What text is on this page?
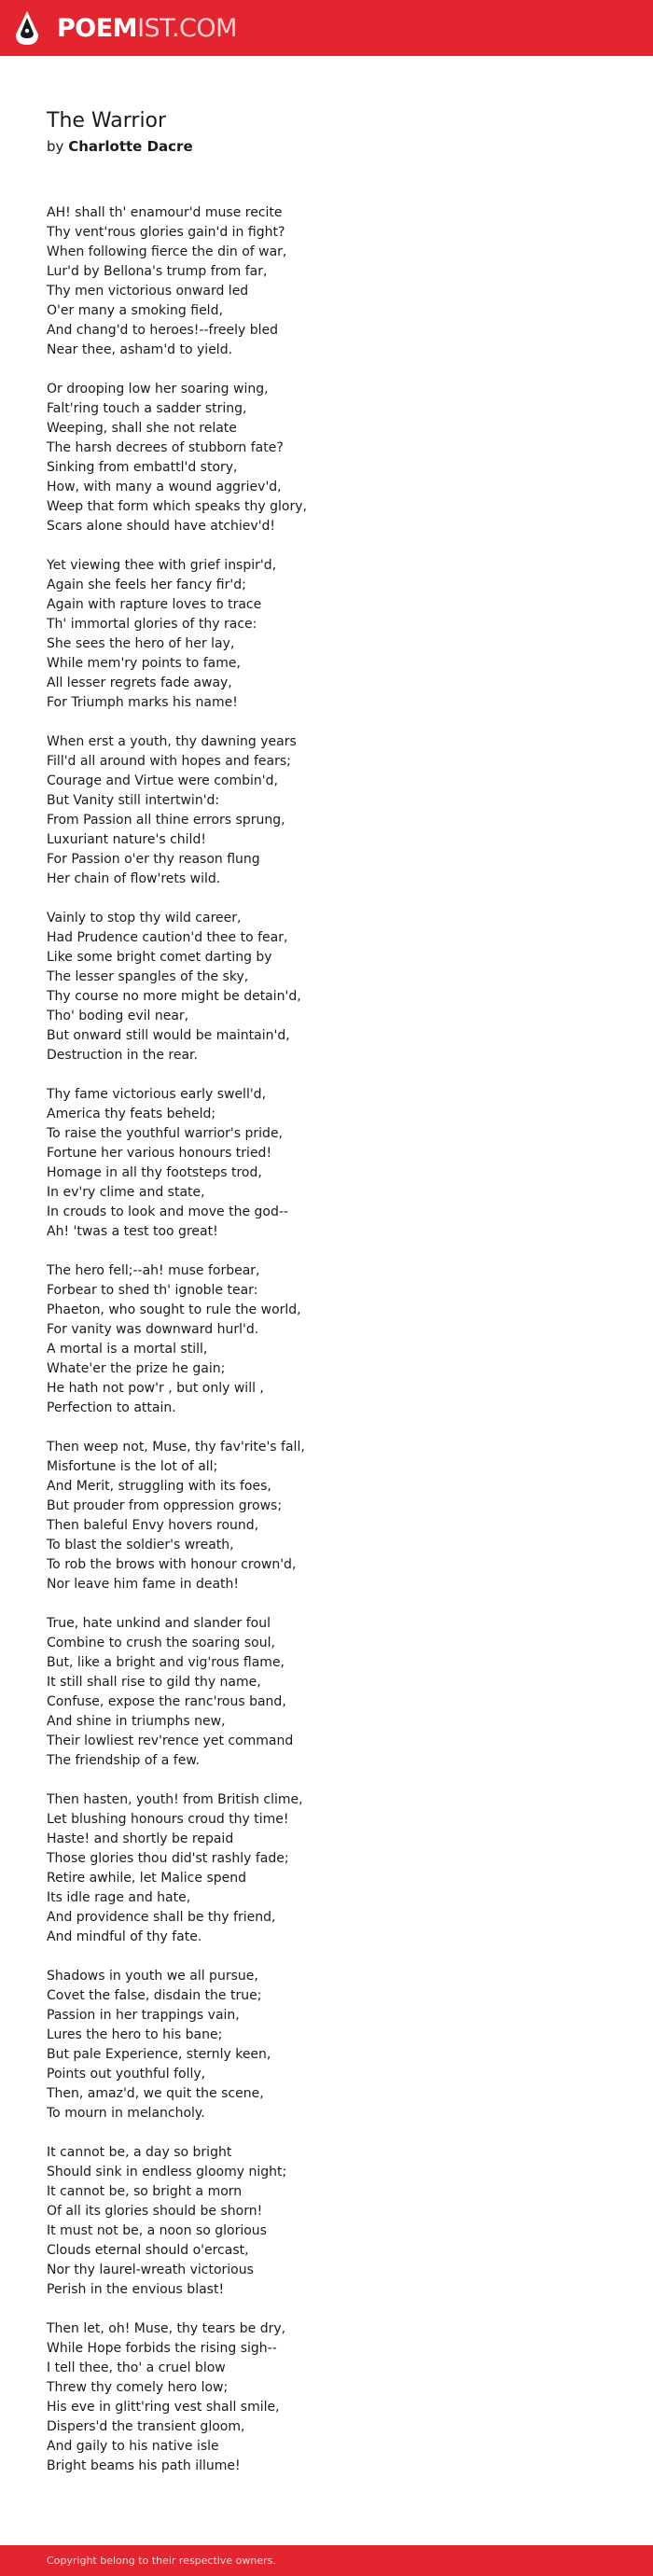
POEM IST.COM
The Warrior
by Charlotte Dacre
AH! shall th' enamour'd muse recite
Thy vent'rous glories gain'd in fight?
When following fierce the din of war,
Lur'd by Bellona's trump from far,
Thy men victorious onward led
O'er many a smoking field,
And chang'd to heroes!--freely bled
Near thee, asham'd to yield.
Or drooping low her soaring wing,
Falt'ring touch a sadder string,
Weeping, shall she not relate
The harsh decrees of stubborn fate?
Sinking from embattl'd story,
How, with many a wound aggriev'd,
Weep that form which speaks thy glory,
Scars alone should have atchiev'd!
Yet viewing thee with grief inspir'd,
Again she feels her fancy fir'd;
Again with rapture loves to trace
Th' immortal glories of thy race:
She sees the hero of her lay,
While mem'ry points to fame,
All lesser regrets fade away,
For Triumph marks his name!
When erst a youth, thy dawning years
Fill'd all around with hopes and fears;
Courage and Virtue were combin'd,
But Vanity still intertwin'd:
From Passion all thine errors sprung,
Luxuriant nature's child!
For Passion o'er thy reason flung
Her chain of flow'rets wild.
Vainly to stop thy wild career,
Had Prudence caution'd thee to fear,
Like some bright comet darting by
The lesser spangles of the sky,
Thy course no more might be detain'd,
Tho' boding evil near,
But onward still would be maintain'd,
Destruction in the rear.
Thy fame victorious early swell'd,
America thy feats beheld;
To raise the youthful warrior's pride,
Fortune her various honours tried!
Homage in all thy footsteps trod,
In ev'ry clime and state,
In crouds to look and move the god--
Ah! 'twas a test too great!
The hero fell;--ah! muse forbear,
Forbear to shed th' ignoble tear:
Phaeton, who sought to rule the world,
For vanity was downward hurl'd.
A mortal is a mortal still,
Whate'er the prize he gain;
He hath not pow'r , but only will ,
Perfection to attain.
Then weep not, Muse, thy fav'rite's fall,
Misfortune is the lot of all;
And Merit, struggling with its foes,
But prouder from oppression grows;
Then baleful Envy hovers round,
To blast the soldier's wreath,
To rob the brows with honour crown'd,
Nor leave him fame in death!
True, hate unkind and slander foul
Combine to crush the soaring soul,
But, like a bright and vig'rous flame,
It still shall rise to gild thy name,
Confuse, expose the ranc'rous band,
And shine in triumphs new,
Their lowliest rev'rence yet command
The friendship of a few.
Then hasten, youth! from British clime,
Let blushing honours croud thy time!
Haste! and shortly be repaid
Those glories thou did'st rashly fade;
Retire awhile, let Malice spend
Its idle rage and hate,
And providence shall be thy friend,
And mindful of thy fate.
Shadows in youth we all pursue,
Covet the false, disdain the true;
Passion in her trappings vain,
Lures the hero to his bane;
But pale Experience, sternly keen,
Points out youthful folly,
Then, amaz'd, we quit the scene,
To mourn in melancholy.
It cannot be, a day so bright
Should sink in endless gloomy night;
It cannot be, so bright a morn
Of all its glories should be shorn!
It must not be, a noon so glorious
Clouds eternal should o'ercast,
Nor thy laurel-wreath victorious
Perish in the envious blast!
Then let, oh! Muse, thy tears be dry,
While Hope forbids the rising sigh--
I tell thee, tho' a cruel blow
Threw thy comely hero low;
His eve in glitt'ring vest shall smile,
Dispers'd the transient gloom,
And gaily to his native isle
Bright beams his path illume!
Copyright belong to their respective owners.
